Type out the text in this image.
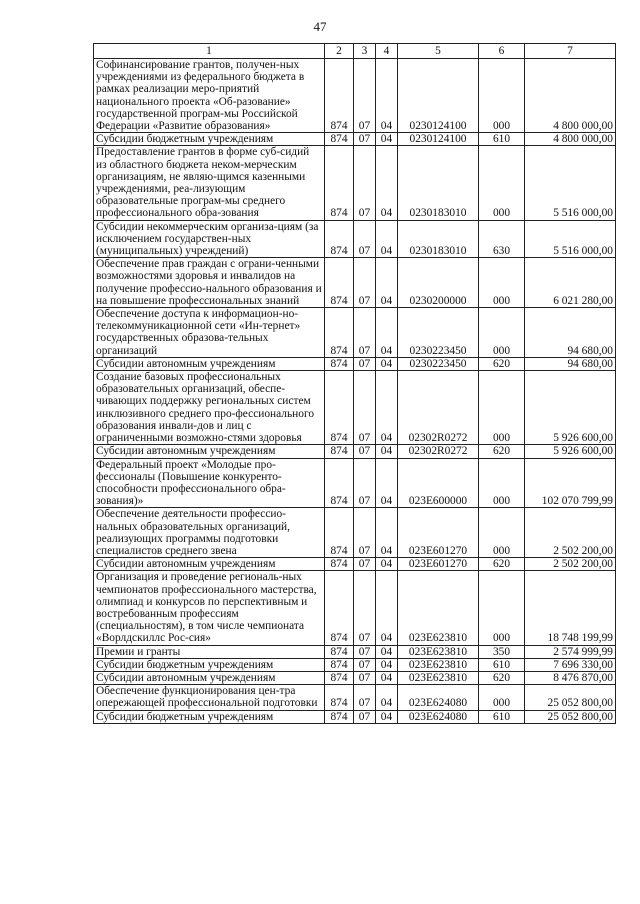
47
1	2	3	4	5	6	7
Софинансирование грантов, получен-ных учреждениями из федерального бюджета в рамках реализации меро-приятий национального проекта «Об-разование» государственной програм-мы Российской Федерации «Развитие образования»	874	07	04	0230124100	000	4 800 000,00
Субсидии бюджетным учреждениям	874	07	04	0230124100	610	4 800 000,00
Предоставление грантов в форме суб-сидий из областного бюджета неком-мерческим организациям, не являю-щимся казенными учреждениями, реа-лизующим образовательные програм-мы среднего профессионального обра-зования	874	07	04	0230183010	000	5 516 000,00
Субсидии некоммерческим организа-циям (за исключением государствен-ных (муниципальных) учреждений)	874	07	04	0230183010	630	5 516 000,00
Обеспечение прав граждан с ограни-ченными возможностями здоровья и инвалидов на получение профессио-нального образования и на повышение профессиональных знаний	874	07	04	0230200000	000	6 021 280,00
Обеспечение доступа к информацион-но-телекоммуникационной сети «Ин-тернет» государственных образова-тельных организаций	874	07	04	0230223450	000	94 680,00
Субсидии автономным учреждениям	874	07	04	0230223450	620	94 680,00
Создание базовых профессиональных образовательных организаций, обеспе-чивающих поддержку региональных систем инклюзивного среднего про-фессионального образования инвали-дов и лиц с ограниченными возможно-стями здоровья	874	07	04	02302R0272	000	5 926 600,00
Субсидии автономным учреждениям	874	07	04	02302R0272	620	5 926 600,00
Федеральный проект «Молодые про-фессионалы (Повышение конкуренто-способности профессионального обра-зования)»	874	07	04	023E600000	000	102 070 799,99
Обеспечение деятельности профессио-нальных образовательных организаций, реализующих программы подготовки специалистов среднего звена	874	07	04	023E601270	000	2 502 200,00
Субсидии автономным учреждениям	874	07	04	023E601270	620	2 502 200,00
Организация и проведение региональ-ных чемпионатов профессионального мастерства, олимпиад и конкурсов по перспективным и востребованным профессиям (специальностям), в том числе чемпионата «Ворлдскиллс Рос-сия»	874	07	04	023E623810	000	18 748 199,99
Премии и гранты	874	07	04	023E623810	350	2 574 999,99
Субсидии бюджетным учреждениям	874	07	04	023E623810	610	7 696 330,00
Субсидии автономным учреждениям	874	07	04	023E623810	620	8 476 870,00
Обеспечение функционирования цен-тра опережающей профессиональной подготовки	874	07	04	023E624080	000	25 052 800,00
Субсидии бюджетным учреждениям	874	07	04	023E624080	610	25 052 800,00
